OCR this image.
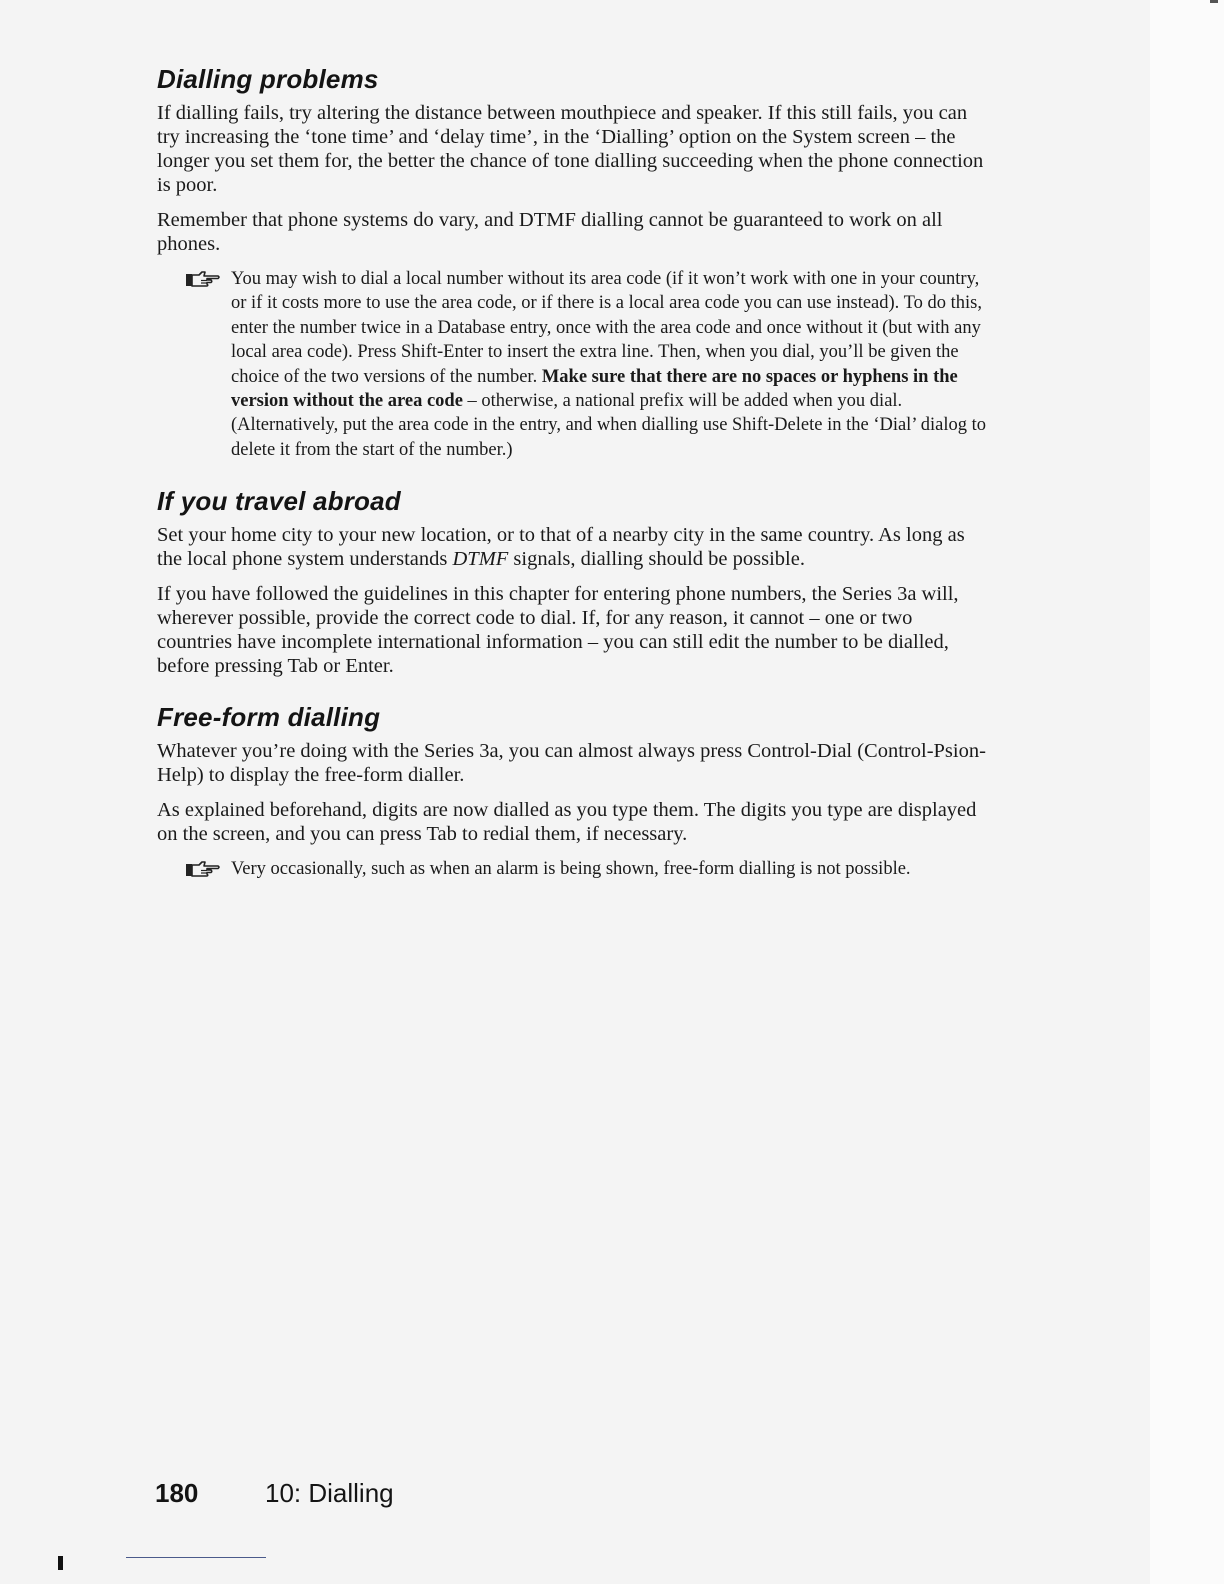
Dialling problems

If dialling fails, try altering the distance between mouthpiece and speaker. If this still fails, you can try increasing the ‘tone time’ and ‘delay time’, in the ‘Dialling’ option on the System screen – the longer you set them for, the better the chance of tone dialling succeeding when the phone connection is poor.

Remember that phone systems do vary, and DTMF dialling cannot be guaranteed to work on all phones.

You may wish to dial a local number without its area code (if it won’t work with one in your country, or if it costs more to use the area code, or if there is a local area code you can use instead). To do this, enter the number twice in a Database entry, once with the area code and once without it (but with any local area code). Press Shift-Enter to insert the extra line. Then, when you dial, you’ll be given the choice of the two versions of the number. Make sure that there are no spaces or hyphens in the version without the area code – otherwise, a national prefix will be added when you dial. (Alternatively, put the area code in the entry, and when dialling use Shift-Delete in the ‘Dial’ dialog to delete it from the start of the number.)
If you travel abroad

Set your home city to your new location, or to that of a nearby city in the same country. As long as the local phone system understands DTMF signals, dialling should be possible.

If you have followed the guidelines in this chapter for entering phone numbers, the Series 3a will, wherever possible, provide the correct code to dial. If, for any reason, it cannot – one or two countries have incomplete international information – you can still edit the number to be dialled, before pressing Tab or Enter.

Free-form dialling

Whatever you’re doing with the Series 3a, you can almost always press Control-Dial (Control-Psion-Help) to display the free-form dialler.

As explained beforehand, digits are now dialled as you type them. The digits you type are displayed on the screen, and you can press Tab to redial them, if necessary.

Very occasionally, such as when an alarm is being shown, free-form dialling is not possible.
180	10: Dialling
